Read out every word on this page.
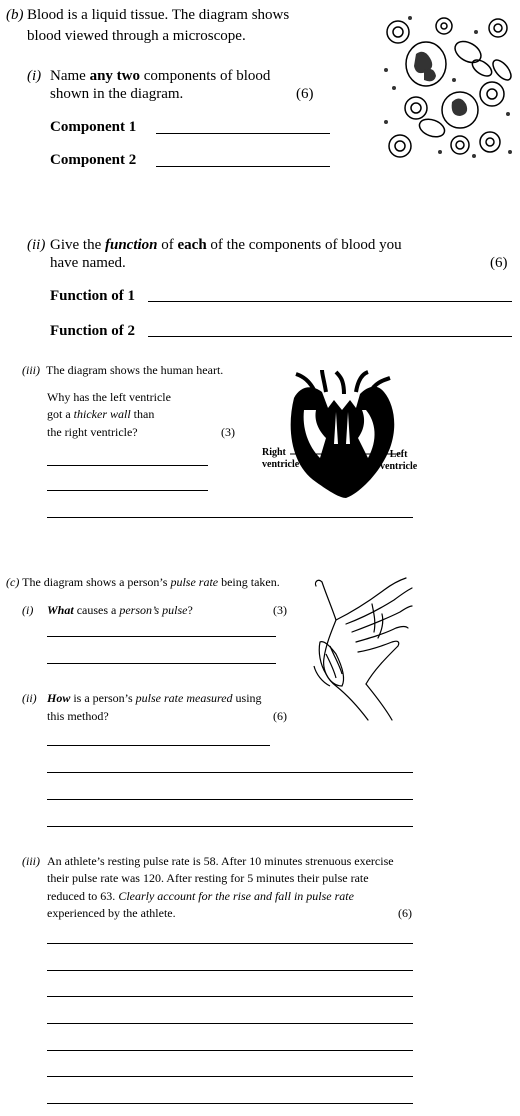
(b) Blood is a liquid tissue. The diagram shows
blood viewed through a microscope.
(i) Name any two components of blood
shown in the diagram.	(6)
Component 1
Component 2
(ii) Give the function of each of the components of blood you
have named.	(6)
Function of 1
Function of 2
(iii) The diagram shows the human heart.
Why has the left ventricle
got a thicker wall than
the right ventricle?	(3)
Right
ventricle
Left
ventricle
(c) The diagram shows a person’s pulse rate being taken.
(i) What causes a person’s pulse?	(3)
(ii) How is a person’s pulse rate measured using
this method?	(6)
(iii) An athlete’s resting pulse rate is 58. After 10 minutes strenuous exercise
their pulse rate was 120. After resting for 5 minutes their pulse rate
reduced to 63. Clearly account for the rise and fall in pulse rate
experienced by the athlete.	(6)
